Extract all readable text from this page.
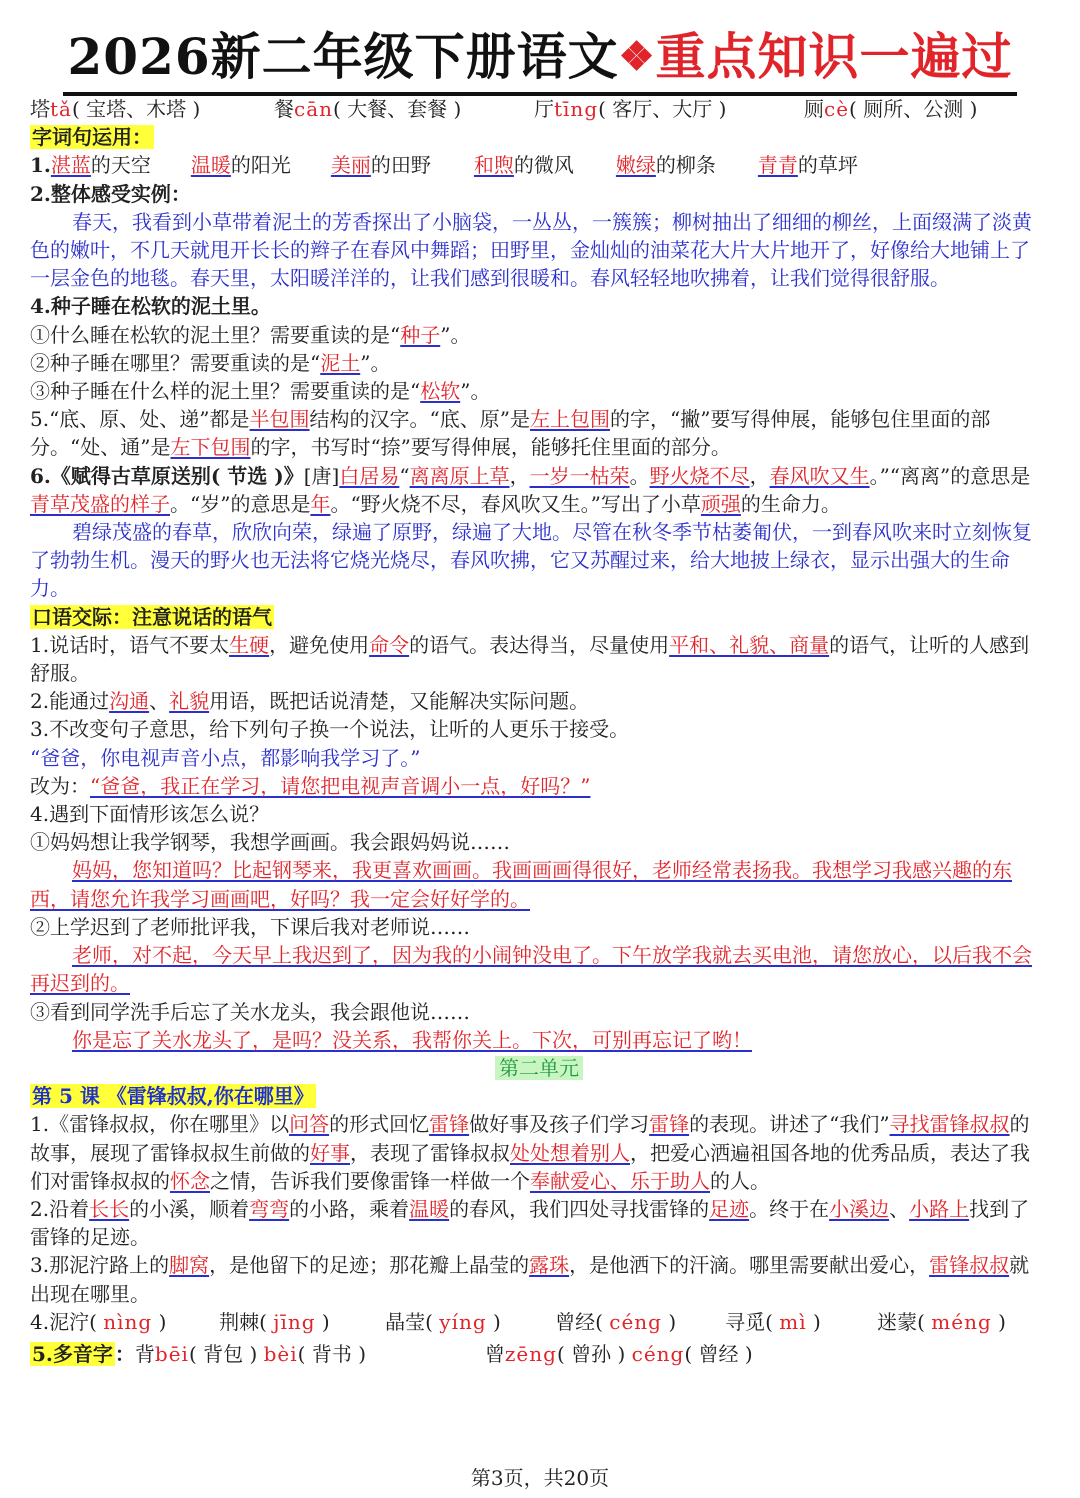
2026新二年级下册语文❖重点知识一遍过
塔tǎ( 宝塔、木塔 )	餐cān( 大餐、套餐 )	厅tīng( 客厅、大厅 )	厕cè( 厕所、公测 )
字词句运用：
1.湛蓝的天空 温暖的阳光 美丽的田野 和煦的微风 嫩绿的柳条 青青的草坪
2.整体感受实例：
春天，我看到小草带着泥土的芳香探出了小脑袋，一丛丛，一簇簇；柳树抽出了细细的柳丝，上面缀满了淡黄色的嫩叶，不几天就甩开长长的辫子在春风中舞蹈；田野里，金灿灿的油菜花大片大片地开了，好像给大地铺上了一层金色的地毯。春天里，太阳暖洋洋的，让我们感到很暖和。春风轻轻地吹拂着，让我们觉得很舒服。
4.种子睡在松软的泥土里。
①什么睡在松软的泥土里？需要重读的是“种子”。
②种子睡在哪里？需要重读的是“泥土”。
③种子睡在什么样的泥土里？需要重读的是“松软”。
5.“底、原、处、递”都是半包围结构的汉字。“底、原”是左上包围的字，“撇”要写得伸展，能够包住里面的部分。“处、通”是左下包围的字，书写时“捺”要写得伸展，能够托住里面的部分。
6.《赋得古草原送别( 节选 )》[唐]白居易“离离原上草，一岁一枯荣。野火烧不尽，春风吹又生。”“离离”的意思是青草茂盛的样子。“岁”的意思是年。“野火烧不尽，春风吹又生。”写出了小草顽强的生命力。
碧绿茂盛的春草，欣欣向荣，绿遍了原野，绿遍了大地。尽管在秋冬季节枯萎匍伏，一到春风吹来时立刻恢复了勃勃生机。漫天的野火也无法将它烧光烧尽，春风吹拂，它又苏醒过来，给大地披上绿衣，显示出强大的生命力。
口语交际：注意说话的语气
1.说话时，语气不要太生硬，避免使用命令的语气。表达得当，尽量使用平和、礼貌、商量的语气，让听的人感到舒服。
2.能通过沟通、礼貌用语，既把话说清楚，又能解决实际问题。
3.不改变句子意思，给下列句子换一个说法，让听的人更乐于接受。
“爸爸，你电视声音小点，都影响我学习了。”
改为：“爸爸，我正在学习，请您把电视声音调小一点，好吗？”
4.遇到下面情形该怎么说？
①妈妈想让我学钢琴，我想学画画。我会跟妈妈说……
妈妈，您知道吗？比起钢琴来，我更喜欢画画。我画画画得很好，老师经常表扬我。我想学习我感兴趣的东西，请您允许我学习画画吧，好吗？我一定会好好学的。
②上学迟到了老师批评我，下课后我对老师说……
老师，对不起，今天早上我迟到了，因为我的小闹钟没电了。下午放学我就去买电池，请您放心，以后我不会再迟到的。
③看到同学洗手后忘了关水龙头，我会跟他说……
你是忘了关水龙头了，是吗？没关系，我帮你关上。下次，可别再忘记了哟！
第二单元
第 5 课 《雷锋叔叔,你在哪里》
1.《雷锋叔叔，你在哪里》以问答的形式回忆雷锋做好事及孩子们学习雷锋的表现。讲述了“我们”寻找雷锋叔叔的故事，展现了雷锋叔叔生前做的好事，表现了雷锋叔叔处处想着别人，把爱心洒遍祖国各地的优秀品质，表达了我们对雷锋叔叔的怀念之情，告诉我们要像雷锋一样做一个奉献爱心、乐于助人的人。
2.沿着长长的小溪，顺着弯弯的小路，乘着温暖的春风，我们四处寻找雷锋的足迹。终于在小溪边、小路上找到了雷锋的足迹。
3.那泥泞路上的脚窝，是他留下的足迹；那花瓣上晶莹的露珠，是他洒下的汗滴。哪里需要献出爱心，雷锋叔叔就出现在哪里。
4.泥泞( nìng )	荆棘( jīng )	晶莹( yíng )	曾经( céng ) 寻觅( mì )	迷蒙( méng )
5.多音字 ：背bēi( 背包 ) bèi( 背书 )	曾zēng( 曾孙 ) céng( 曾经 )
第3页，共20页
